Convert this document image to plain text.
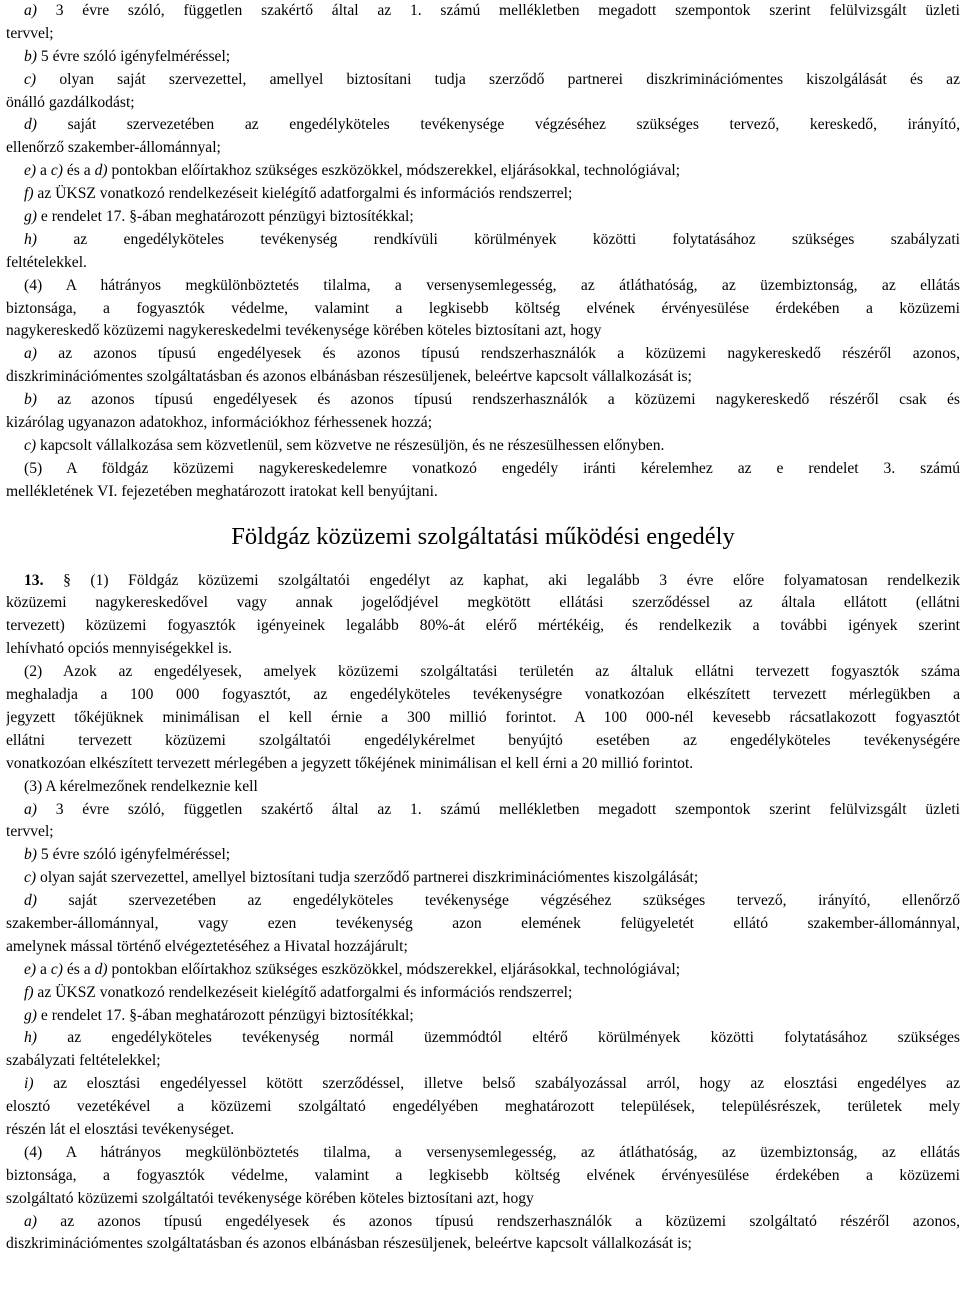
a) 3 évre szóló, független szakértő által az 1. számú mellékletben megadott szempontok szerint felülvizsgált üzleti
tervvel;
b) 5 évre szóló igényfelméréssel;
c) olyan saját szervezettel, amellyel biztosítani tudja szerződő partnerei diszkriminációmentes kiszolgálását és az
önálló gazdálkodást;
d) saját szervezetében az engedélyköteles tevékenysége végzéséhez szükséges tervező, kereskedő, irányító,
ellenőrző szakember-állománnyal;
e) a c) és a d) pontokban előírtakhoz szükséges eszközökkel, módszerekkel, eljárásokkal, technológiával;
f) az ÜKSZ vonatkozó rendelkezéseit kielégítő adatforgalmi és információs rendszerrel;
g) e rendelet 17. §-ában meghatározott pénzügyi biztosítékkal;
h) az engedélyköteles tevékenység rendkívüli körülmények közötti folytatásához szükséges szabályzati
feltételekkel.
(4) A hátrányos megkülönböztetés tilalma, a versenysemlegesség, az átláthatóság, az üzembiztonság, az ellátás
biztonsága, a fogyasztók védelme, valamint a legkisebb költség elvének érvényesülése érdekében a közüzemi
nagykereskedő közüzemi nagykereskedelmi tevékenysége körében köteles biztosítani azt, hogy
a) az azonos típusú engedélyesek és azonos típusú rendszerhasználók a közüzemi nagykereskedő részéről azonos,
diszkriminációmentes szolgáltatásban és azonos elbánásban részesüljenek, beleértve kapcsolt vállalkozását is;
b) az azonos típusú engedélyesek és azonos típusú rendszerhasználók a közüzemi nagykereskedő részéről csak és
kizárólag ugyanazon adatokhoz, információkhoz férhessenek hozzá;
c) kapcsolt vállalkozása sem közvetlenül, sem közvetve ne részesüljön, és ne részesülhessen előnyben.
(5) A földgáz közüzemi nagykereskedelemre vonatkozó engedély iránti kérelemhez az e rendelet 3. számú
mellékletének VI. fejezetében meghatározott iratokat kell benyújtani.
Földgáz közüzemi szolgáltatási működési engedély
13. § (1) Földgáz közüzemi szolgáltatói engedélyt az kaphat, aki legalább 3 évre előre folyamatosan rendelkezik
közüzemi nagykereskedővel vagy annak jogelődjével megkötött ellátási szerződéssel az általa ellátott (ellátni
tervezett) közüzemi fogyasztók igényeinek legalább 80%-át elérő mértékéig, és rendelkezik a további igények szerint
lehívható opciós mennyiségekkel is.
(2) Azok az engedélyesek, amelyek közüzemi szolgáltatási területén az általuk ellátni tervezett fogyasztók száma
meghaladja a 100 000 fogyasztót, az engedélyköteles tevékenységre vonatkozóan elkészített tervezett mérlegükben a
jegyzett tőkéjüknek minimálisan el kell érnie a 300 millió forintot. A 100 000-nél kevesebb rácsatlakozott fogyasztót
ellátni tervezett közüzemi szolgáltatói engedélykérelmet benyújtó esetében az engedélyköteles tevékenységére
vonatkozóan elkészített tervezett mérlegében a jegyzett tőkéjének minimálisan el kell érni a 20 millió forintot.
(3) A kérelmezőnek rendelkeznie kell
a) 3 évre szóló, független szakértő által az 1. számú mellékletben megadott szempontok szerint felülvizsgált üzleti
tervvel;
b) 5 évre szóló igényfelméréssel;
c) olyan saját szervezettel, amellyel biztosítani tudja szerződő partnerei diszkriminációmentes kiszolgálását;
d) saját szervezetében az engedélyköteles tevékenysége végzéséhez szükséges tervező, irányító, ellenőrző
szakember-állománnyal, vagy ezen tevékenység azon elemének felügyeletét ellátó szakember-állománnyal,
amelynek mással történő elvégeztetéséhez a Hivatal hozzájárult;
e) a c) és a d) pontokban előírtakhoz szükséges eszközökkel, módszerekkel, eljárásokkal, technológiával;
f) az ÜKSZ vonatkozó rendelkezéseit kielégítő adatforgalmi és információs rendszerrel;
g) e rendelet 17. §-ában meghatározott pénzügyi biztosítékkal;
h) az engedélyköteles tevékenység normál üzemmódtól eltérő körülmények közötti folytatásához szükséges
szabályzati feltételekkel;
i) az elosztási engedélyessel kötött szerződéssel, illetve belső szabályozással arról, hogy az elosztási engedélyes az
elosztó vezetékével a közüzemi szolgáltató engedélyében meghatározott települések, településrészek, területek mely
részén lát el elosztási tevékenységet.
(4) A hátrányos megkülönböztetés tilalma, a versenysemlegesség, az átláthatóság, az üzembiztonság, az ellátás
biztonsága, a fogyasztók védelme, valamint a legkisebb költség elvének érvényesülése érdekében a közüzemi
szolgáltató közüzemi szolgáltatói tevékenysége körében köteles biztosítani azt, hogy
a) az azonos típusú engedélyesek és azonos típusú rendszerhasználók a közüzemi szolgáltató részéről azonos,
diszkriminációmentes szolgáltatásban és azonos elbánásban részesüljenek, beleértve kapcsolt vállalkozását is;
